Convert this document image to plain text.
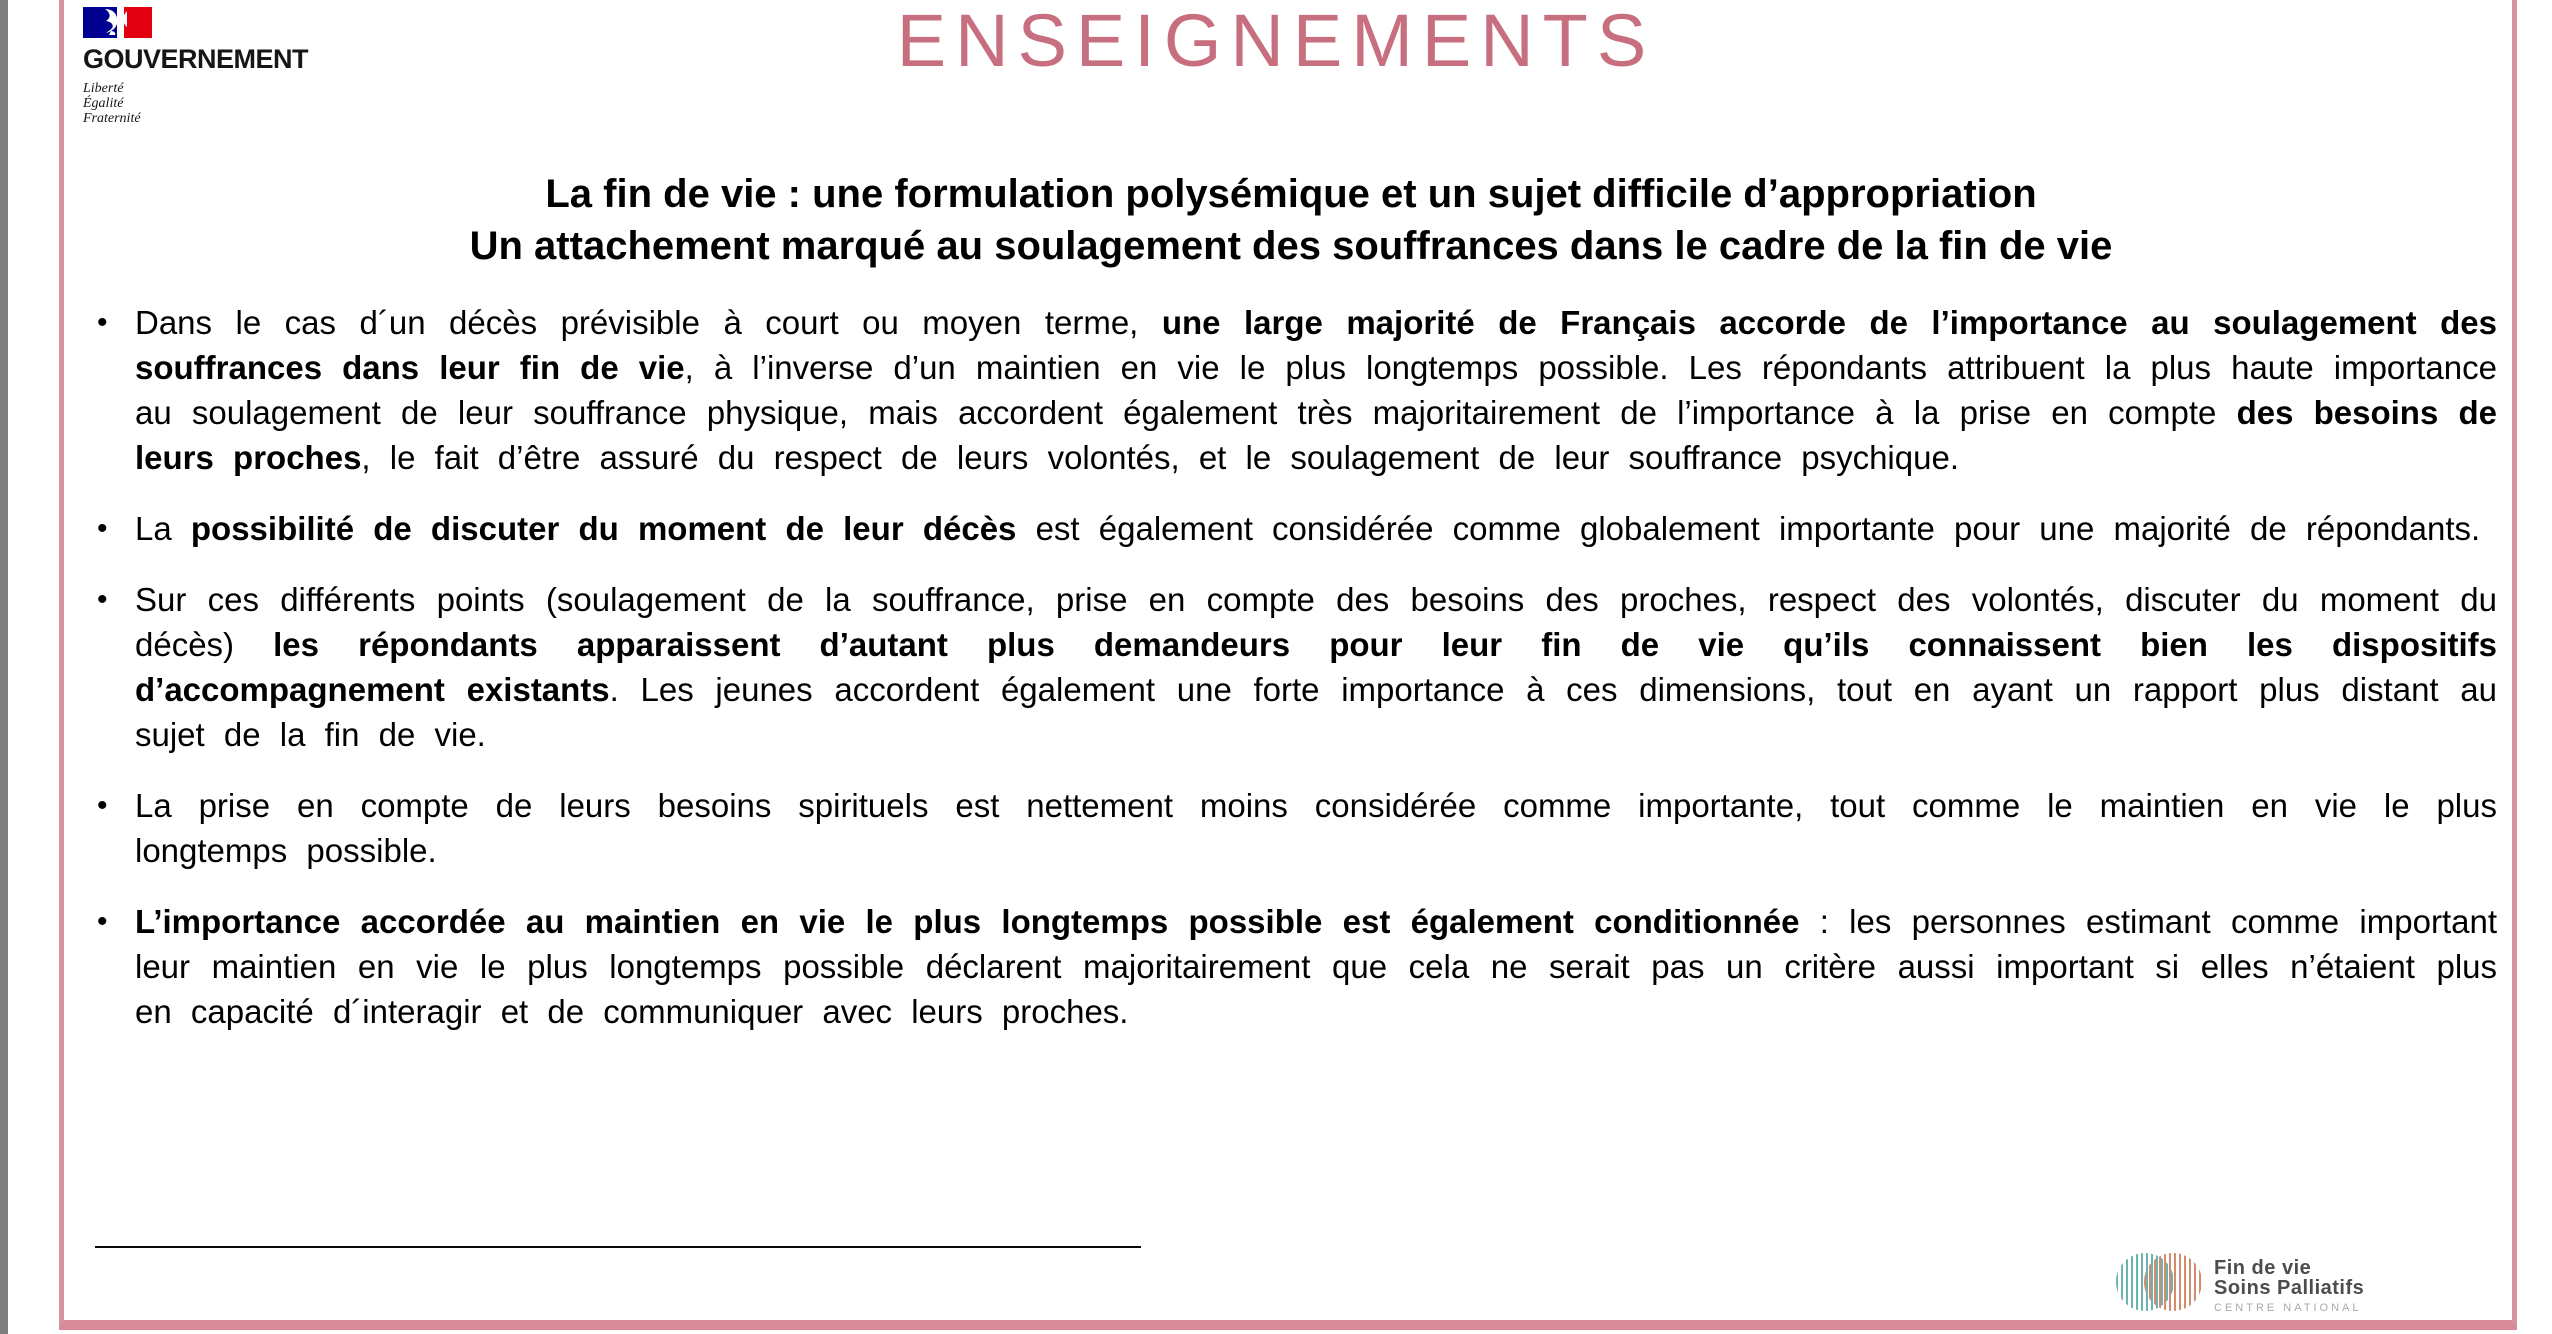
GOUVERNEMENT
Liberté
Égalité
Fraternité
ENSEIGNEMENTS
La fin de vie : une formulation polysémique et un sujet difficile d’appropriation
Un attachement marqué au soulagement des souffrances dans le cadre de la fin de vie
• Dans le cas d´un décès prévisible à court ou moyen terme, une large majorité de Français accorde de l’importance au soulagement des souffrances dans leur fin de vie, à l’inverse d’un maintien en vie le plus longtemps possible. Les répondants attribuent la plus haute importance au soulagement de leur souffrance physique, mais accordent également très majoritairement de l’importance à la prise en compte des besoins de leurs proches, le fait d’être assuré du respect de leurs volontés, et le soulagement de leur souffrance psychique.
• La possibilité de discuter du moment de leur décès est également considérée comme globalement importante pour une majorité de répondants.
• Sur ces différents points (soulagement de la souffrance, prise en compte des besoins des proches, respect des volontés, discuter du moment du décès) les répondants apparaissent d’autant plus demandeurs pour leur fin de vie qu’ils connaissent bien les dispositifs d’accompagnement existants. Les jeunes accordent également une forte importance à ces dimensions, tout en ayant un rapport plus distant au sujet de la fin de vie.
• La prise en compte de leurs besoins spirituels est nettement moins considérée comme importante, tout comme le maintien en vie le plus longtemps possible.
• L’importance accordée au maintien en vie le plus longtemps possible est également conditionnée : les personnes estimant comme important leur maintien en vie le plus longtemps possible déclarent majoritairement que cela ne serait pas un critère aussi important si elles n’étaient plus en capacité d´interagir et de communiquer avec leurs proches.
Fin de vie
Soins Palliatifs
CENTRE NATIONAL
